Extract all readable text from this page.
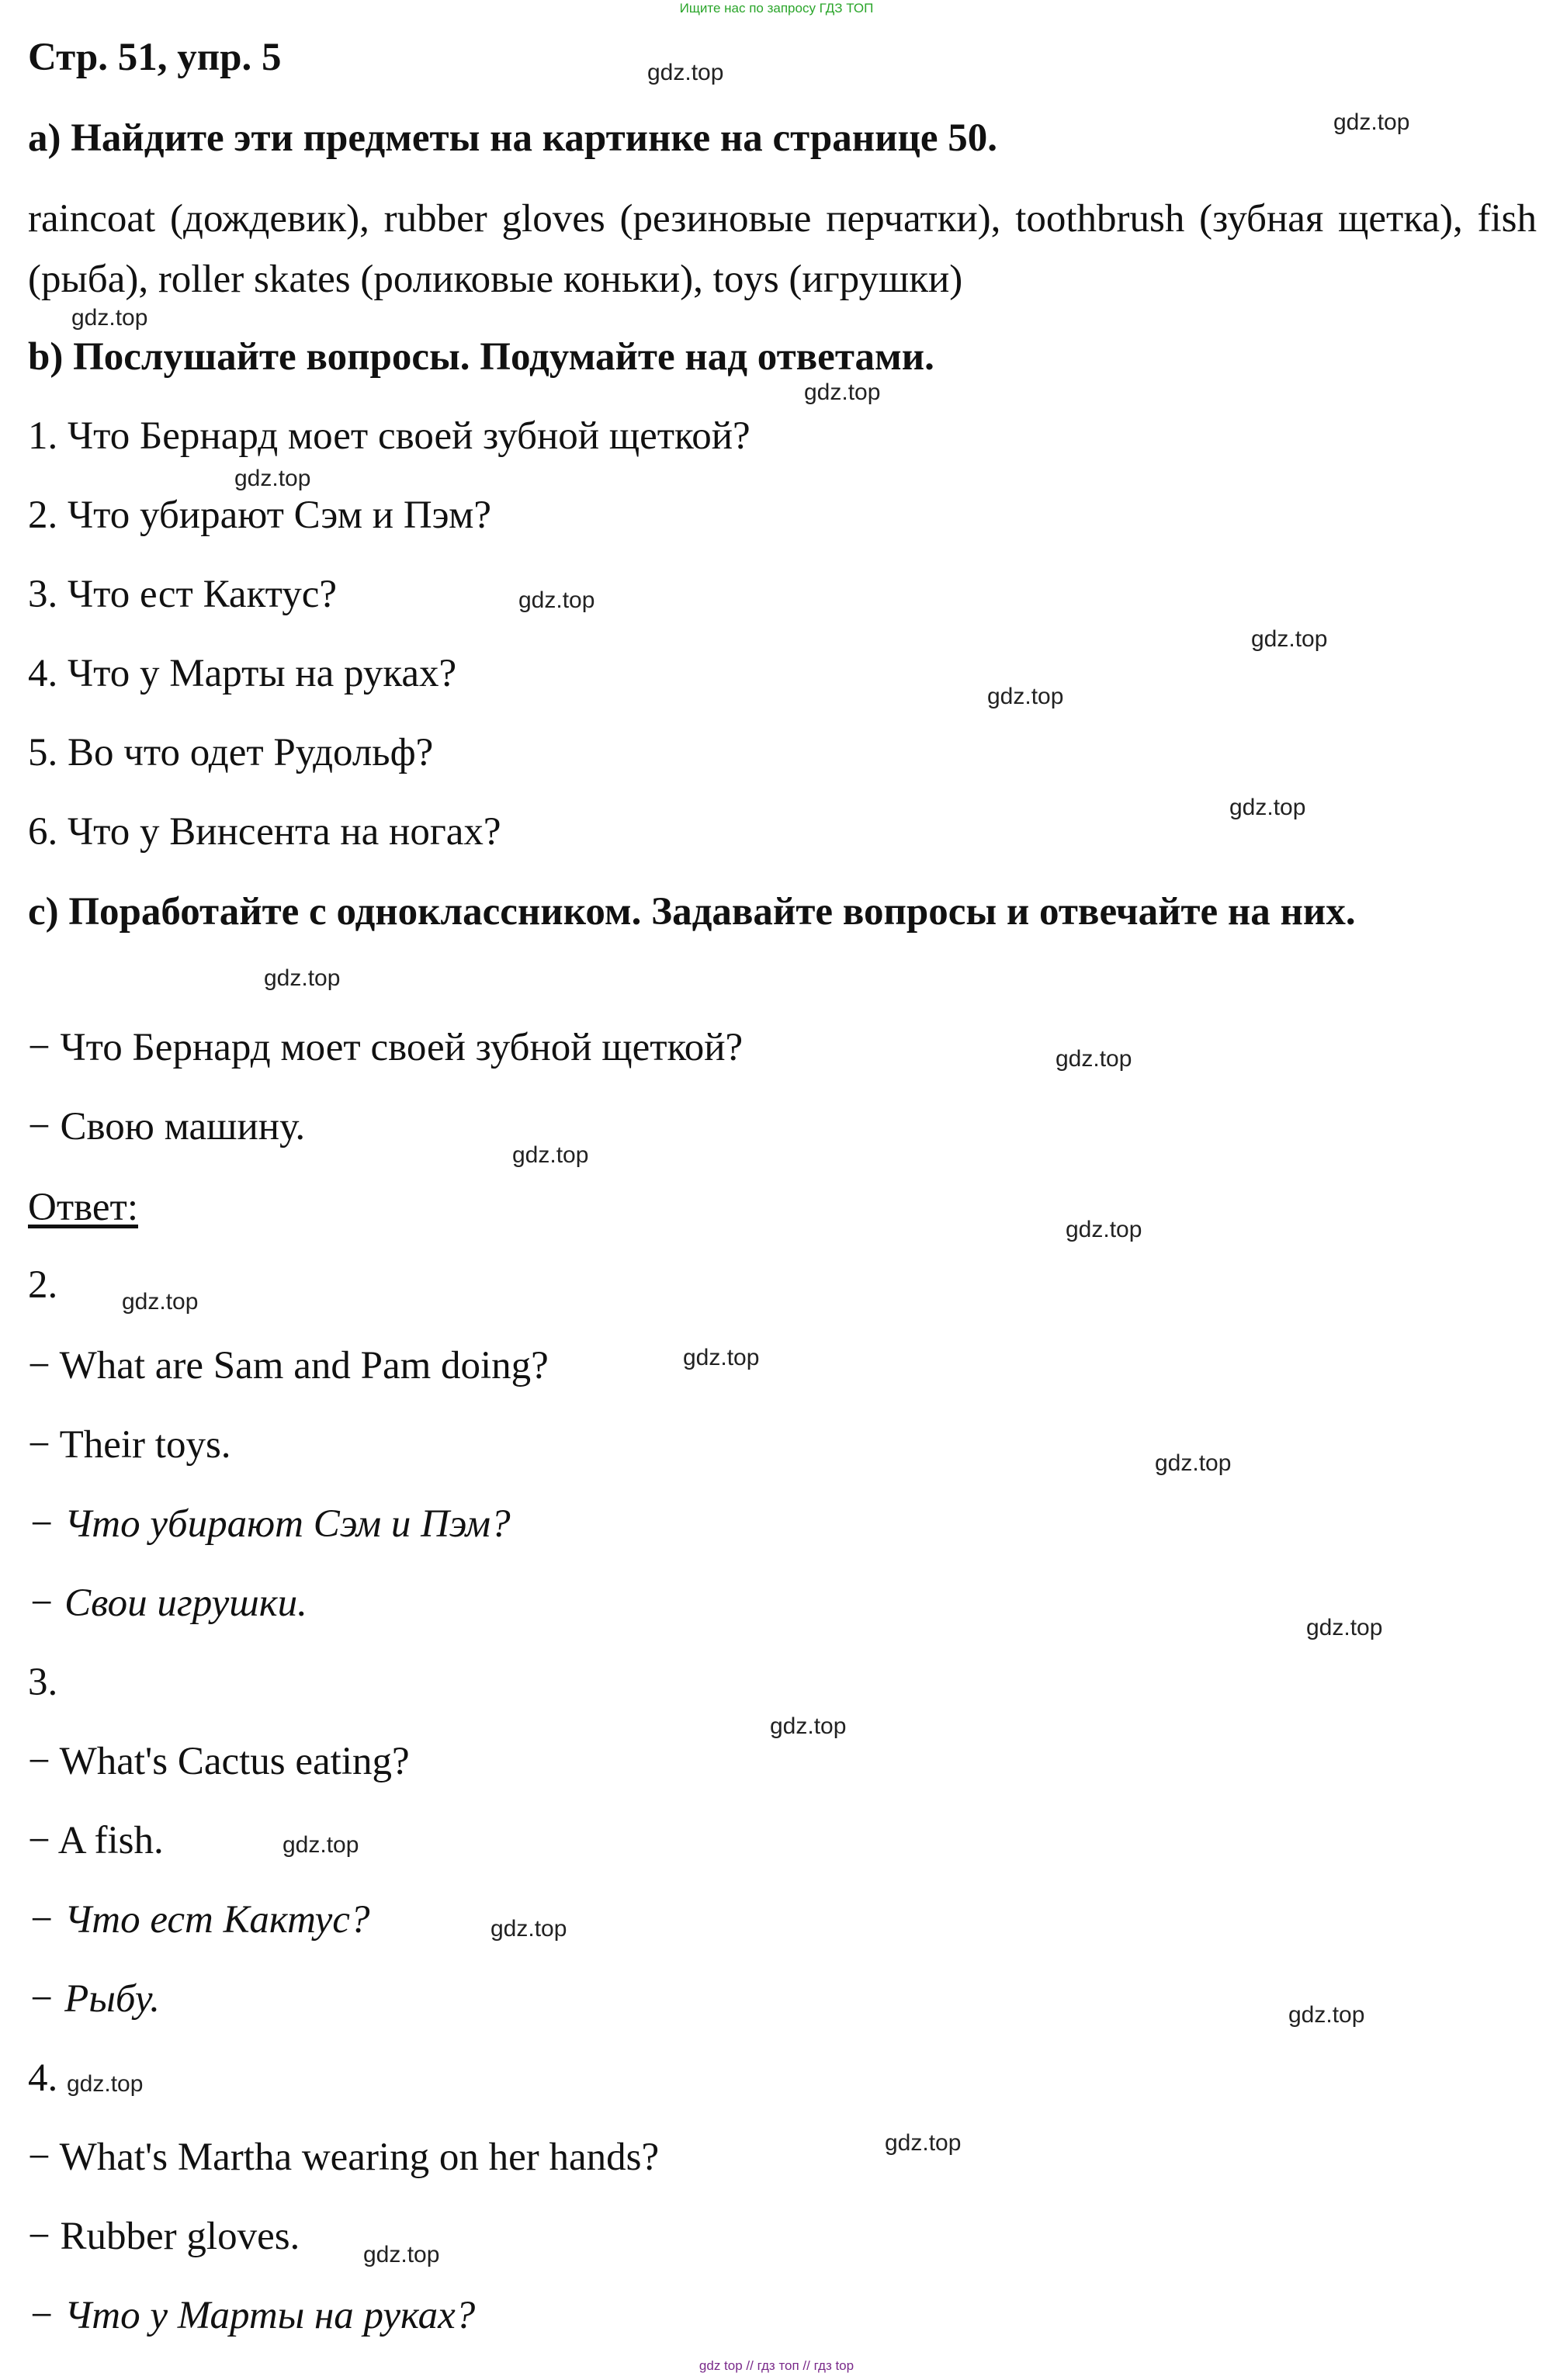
Ищите нас по запросу ГДЗ ТОП
Стр. 51, упр. 5
a) Найдите эти предметы на картинке на странице 50.
raincoat (дождевик), rubber gloves (резиновые перчатки), toothbrush (зубная щетка), fish (рыба), roller skates (роликовые коньки), toys (игрушки)
b) Послушайте вопросы. Подумайте над ответами.
1. Что Бернард моет своей зубной щеткой?
2. Что убирают Сэм и Пэм?
3. Что ест Кактус?
4. Что у Марты на руках?
5. Во что одет Рудольф?
6. Что у Винсента на ногах?
c) Поработайте с одноклассником. Задавайте вопросы и отвечайте на них.
− Что Бернард моет своей зубной щеткой?
− Свою машину.
Ответ:
2.
− What are Sam and Pam doing?
− Their toys.
− Что убирают Сэм и Пэм?
− Свои игрушки.
3.
− What's Cactus eating?
− A fish.
− Что ест Кактус?
− Рыбу.
4.
− What's Martha wearing on her hands?
− Rubber gloves.
− Что у Марты на руках?
gdz.top
gdz.top
gdz.top
gdz.top
gdz.top
gdz.top
gdz.top
gdz.top
gdz.top
gdz.top
gdz.top
gdz.top
gdz.top
gdz.top
gdz.top
gdz.top
gdz.top
gdz.top
gdz.top
gdz.top
gdz.top
gdz.top
gdz.top
gdz.top
gdz top // гдз топ // гдз top
